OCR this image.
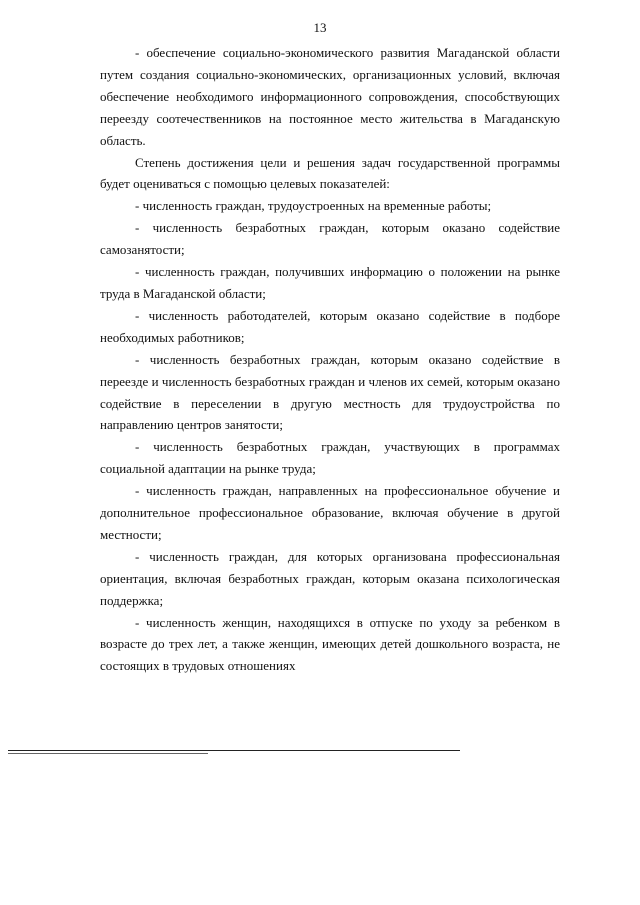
13

- обеспечение социально-экономического развития Магаданской области путем создания социально-экономических, организационных условий, включая обеспечение необходимого информационного сопровождения, способствующих переезду соотечественников на постоянное место жительства в Магаданскую область.

Степень достижения цели и решения задач государственной программы будет оцениваться с помощью целевых показателей:

- численность граждан, трудоустроенных на временные работы;

- численность безработных граждан, которым оказано содействие самозанятости;

- численность граждан, получивших информацию о положении на рынке труда в Магаданской области;

- численность работодателей, которым оказано содействие в подборе необходимых работников;

- численность безработных граждан, которым оказано содействие в переезде и численность безработных граждан и членов их семей, которым оказано содействие в переселении в другую местность для трудоустройства по направлению центров занятости;

- численность безработных граждан, участвующих в программах социальной адаптации на рынке труда;

- численность граждан, направленных на профессиональное обучение и дополнительное профессиональное образование, включая обучение в другой местности;

- численность граждан, для которых организована профессиональная ориентация, включая безработных граждан, которым оказана психологическая поддержка;

- численность женщин, находящихся в отпуске по уходу за ребенком в возрасте до трех лет, а также женщин, имеющих детей дошкольного возраста, не состоящих в трудовых отношениях
